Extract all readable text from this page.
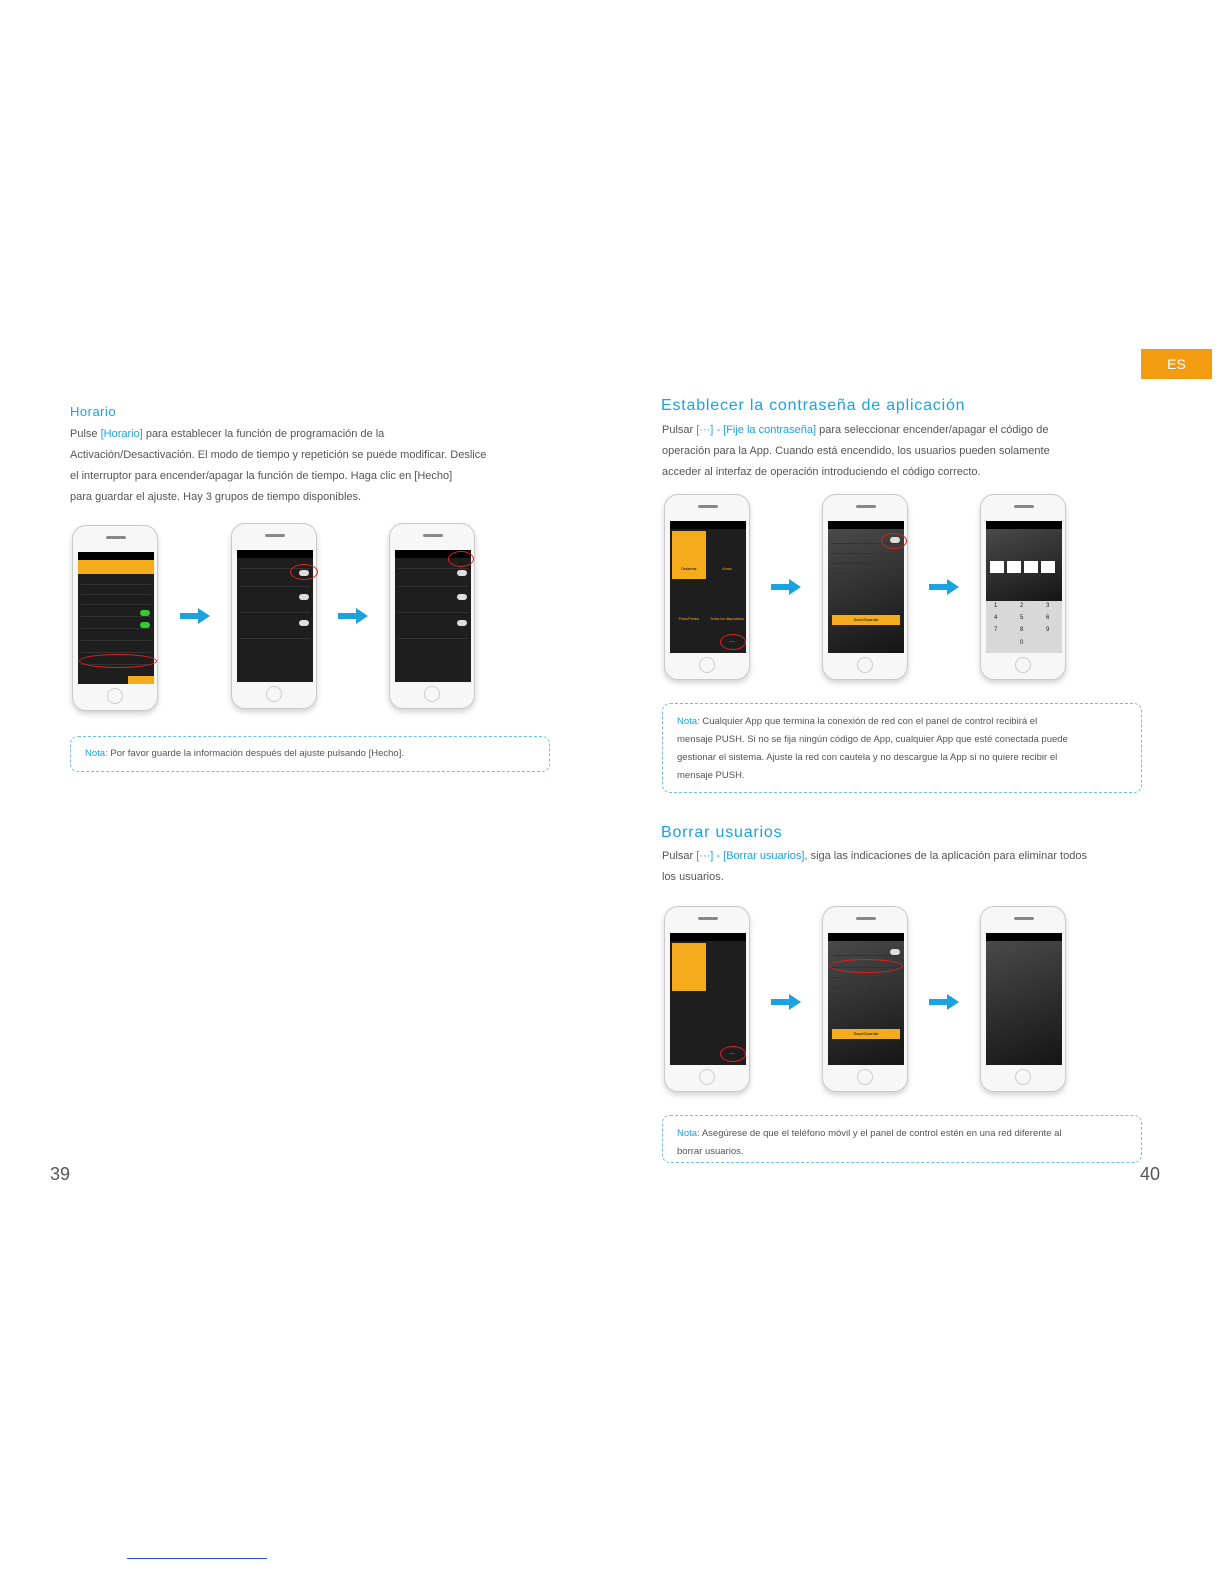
Horario
Pulse [Horario] para establecer la función de programación de la
Activación/Desactivación. El modo de tiempo y repetición se puede modificar. Deslice
el interruptor para encender/apagar la función de tiempo. Haga clic en [Hecho]
para guardar el ajuste. Hay 3 grupos de tiempo disponibles.
Nota: Por favor guarde la información después del ajuste pulsando [Hecho].
39
ES
Establecer la contraseña de aplicación
Pulsar [···] - [Fije la contraseña] para seleccionar encender/apagar el código de
operación para la App. Cuando está encendido, los usuarios pueden solamente
acceder al interfaz de operación introduciendo el código correcto.
Desarmar	Armar
Panic/Pánico	Todos los dispositivos
···
Save/Guardar
1	2	3
4	5	6
7	8	9
0
Nota: Cualquier App que termina la conexión de red con el panel de control recibirá el
mensaje PUSH. Si no se fija ningún código de App, cualquier App que esté conectada puede
gestionar el sistema. Ajuste la red con cautela y no descargue la App si no quiere recibir el
mensaje PUSH.
Borrar usuarios
Pulsar [···] - [Borrar usuarios], siga las indicaciones de la aplicación para eliminar todos
los usuarios.
···
Save/Guardar
Nota: Asegúrese de que el teléfono móvil y el panel de control estén en una red diferente al
borrar usuarios.
40
